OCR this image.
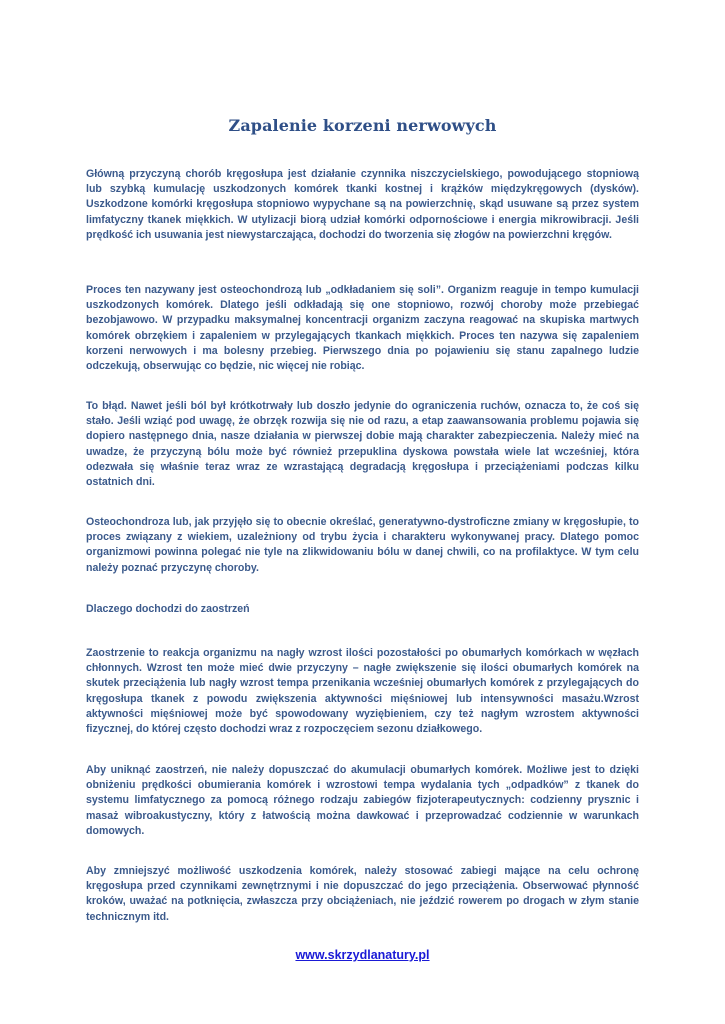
Zapalenie korzeni nerwowych

Główną przyczyną chorób kręgosłupa jest działanie czynnika niszczycielskiego, powodującego stopniową lub szybką kumulację uszkodzonych komórek tkanki kostnej i krążków międzykręgowych (dysków). Uszkodzone komórki kręgosłupa stopniowo wypychane są na powierzchnię, skąd usuwane są przez system limfatyczny tkanek miękkich. W utylizacji biorą udział komórki odpornościowe i energia mikrowibracji. Jeśli prędkość ich usuwania jest niewystarczająca, dochodzi do tworzenia się złogów na powierzchni kręgów.

Proces ten nazywany jest osteochondrozą lub „odkładaniem się soli”. Organizm reaguje in tempo kumulacji uszkodzonych komórek. Dlatego jeśli odkładają się one stopniowo, rozwój choroby może przebiegać bezobjawowo. W przypadku maksymalnej koncentracji organizm zaczyna reagować na skupiska martwych komórek obrzękiem i zapaleniem w przylegających tkankach miękkich. Proces ten nazywa się zapaleniem korzeni nerwowych i ma bolesny przebieg. Pierwszego dnia po pojawieniu się stanu zapalnego ludzie odczekują, obserwując co będzie, nic więcej nie robiąc.

To błąd. Nawet jeśli ból był krótkotrwały lub doszło jedynie do ograniczenia ruchów, oznacza to, że coś się stało. Jeśli wziąć pod uwagę, że obrzęk rozwija się nie od razu, a etap zaawansowania problemu pojawia się dopiero następnego dnia, nasze działania w pierwszej dobie mają charakter zabezpieczenia. Należy mieć na uwadze, że przyczyną bólu może być również przepuklina dyskowa powstała wiele lat wcześniej, która odezwała się właśnie teraz wraz ze wzrastającą degradacją kręgosłupa i przeciążeniami podczas kilku ostatnich dni.

Osteochondroza lub, jak przyjęło się to obecnie określać, generatywno-dystroficzne zmiany w kręgosłupie, to proces związany z wiekiem, uzależniony od trybu życia i charakteru wykonywanej pracy. Dlatego pomoc organizmowi powinna polegać nie tyle na zlikwidowaniu bólu w danej chwili, co na profilaktyce. W tym celu należy poznać przyczynę choroby.

Dlaczego dochodzi do zaostrzeń

Zaostrzenie to reakcja organizmu na nagły wzrost ilości pozostałości po obumarłych komórkach w węzłach chłonnych. Wzrost ten może mieć dwie przyczyny – nagłe zwiększenie się ilości obumarłych komórek na skutek przeciążenia lub nagły wzrost tempa przenikania wcześniej obumarłych komórek z przylegających do kręgosłupa tkanek z powodu zwiększenia aktywności mięśniowej lub intensywności masażu.Wzrost aktywności mięśniowej może być spowodowany wyziębieniem, czy też nagłym wzrostem aktywności fizycznej, do której często dochodzi wraz z rozpoczęciem sezonu działkowego.

Aby uniknąć zaostrzeń, nie należy dopuszczać do akumulacji obumarłych komórek. Możliwe jest to dzięki obniżeniu prędkości obumierania komórek i wzrostowi tempa wydalania tych „odpadków” z tkanek do systemu limfatycznego za pomocą różnego rodzaju zabiegów fizjoterapeutycznych: codzienny prysznic i masaż wibroakustyczny, który z łatwością można dawkować i przeprowadzać codziennie w warunkach domowych.

Aby zmniejszyć możliwość uszkodzenia komórek, należy stosować zabiegi mające na celu ochronę kręgosłupa przed czynnikami zewnętrznymi i nie dopuszczać do jego przeciążenia. Obserwować płynność kroków, uważać na potknięcia, zwłaszcza przy obciążeniach, nie jeździć rowerem po drogach w złym stanie technicznym itd.

www.skrzydlanatury.pl
